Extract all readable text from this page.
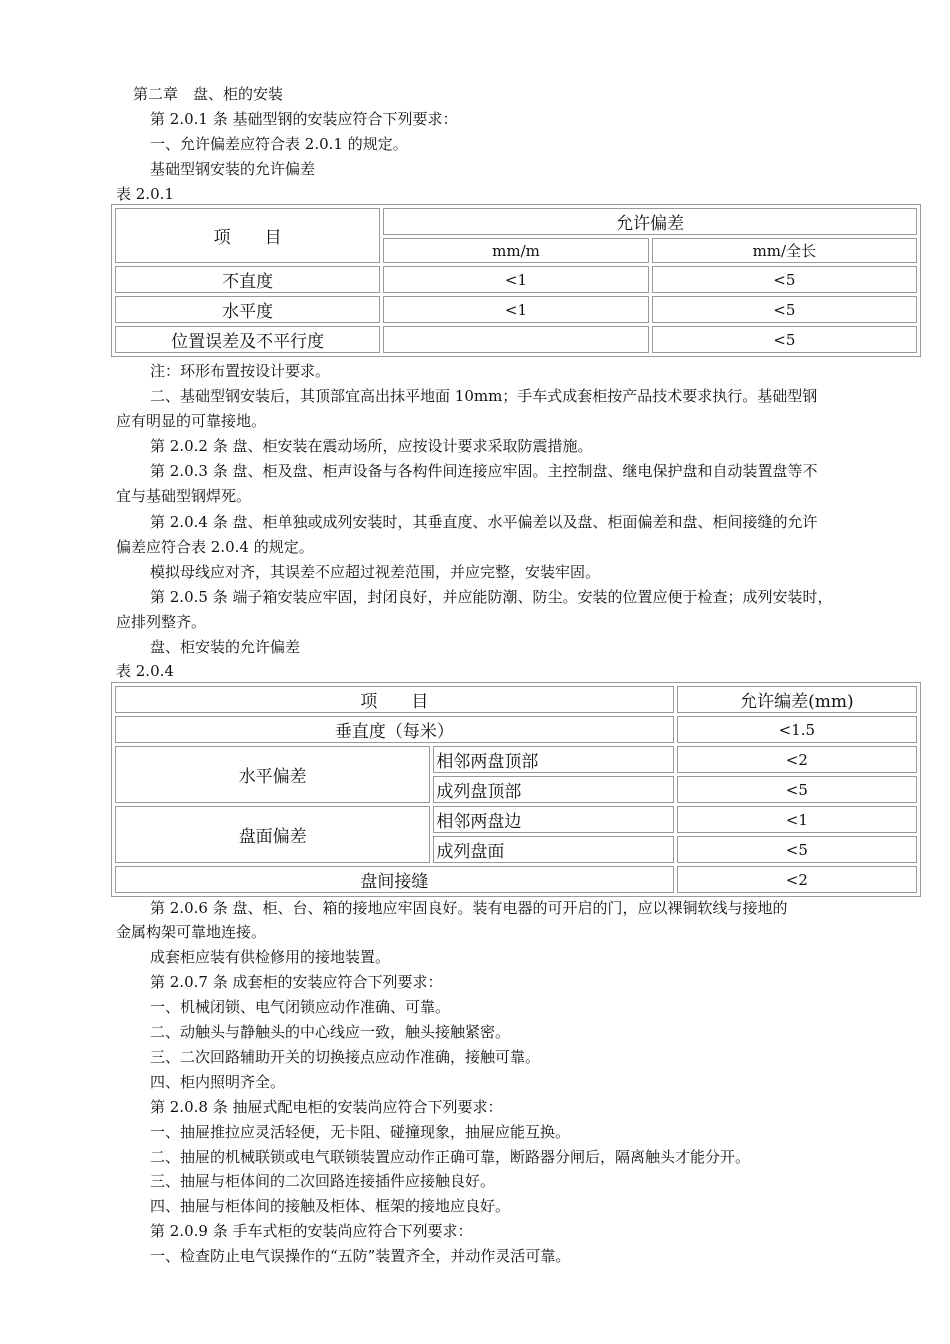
第二章　盘、柜的安装
第 2.0.1 条 基础型钢的安装应符合下列要求：
一、允许偏差应符合表 2.0.1 的规定。
基础型钢安装的允许偏差
表 2.0.1
项　　目	允许偏差	
	mm/m	mm/全长
不直度	<1	<5
水平度	<1	<5
位置误差及不平行度		<5
注：环形布置按设计要求。
二、基础型钢安装后，其顶部宜高出抹平地面 10mm；手车式成套柜按产品技术要求执行。基础型钢
应有明显的可靠接地。
第 2.0.2 条 盘、柜安装在震动场所，应按设计要求采取防震措施。
第 2.0.3 条 盘、柜及盘、柜声设备与各构件间连接应牢固。主控制盘、继电保护盘和自动装置盘等不
宜与基础型钢焊死。
第 2.0.4 条 盘、柜单独或成列安装时，其垂直度、水平偏差以及盘、柜面偏差和盘、柜间接缝的允许
偏差应符合表 2.0.4 的规定。
模拟母线应对齐，其误差不应超过视差范围，并应完整，安装牢固。
第 2.0.5 条 端子箱安装应牢固，封闭良好，并应能防潮、防尘。安装的位置应便于检查；成列安装时，
应排列整齐。
盘、柜安装的允许偏差
表 2.0.4
项　　目		允许编差(mm)
垂直度（每米）		<1.5
水平偏差	相邻两盘顶部	<2
	成列盘顶部	<5
盘面偏差	相邻两盘边	<1
	成列盘面	<5
盘间接缝		<2
第 2.0.6 条 盘、柜、台、箱的接地应牢固良好。装有电器的可开启的门，应以裸铜软线与接地的
金属构架可靠地连接。
成套柜应装有供检修用的接地装置。
第 2.0.7 条 成套柜的安装应符合下列要求：
一、机械闭锁、电气闭锁应动作准确、可靠。
二、动触头与静触头的中心线应一致，触头接触紧密。
三、二次回路辅助开关的切换接点应动作准确，接触可靠。
四、柜内照明齐全。
第 2.0.8 条 抽屉式配电柜的安装尚应符合下列要求：
一、抽屉推拉应灵活轻便，无卡阻、碰撞现象，抽屉应能互换。
二、抽屉的机械联锁或电气联锁装置应动作正确可靠，断路器分闸后，隔离触头才能分开。
三、抽屉与柜体间的二次回路连接插件应接触良好。
四、抽屉与柜体间的接触及柜体、框架的接地应良好。
第 2.0.9 条 手车式柜的安装尚应符合下列要求：
一、检查防止电气误操作的“五防”装置齐全，并动作灵活可靠。
